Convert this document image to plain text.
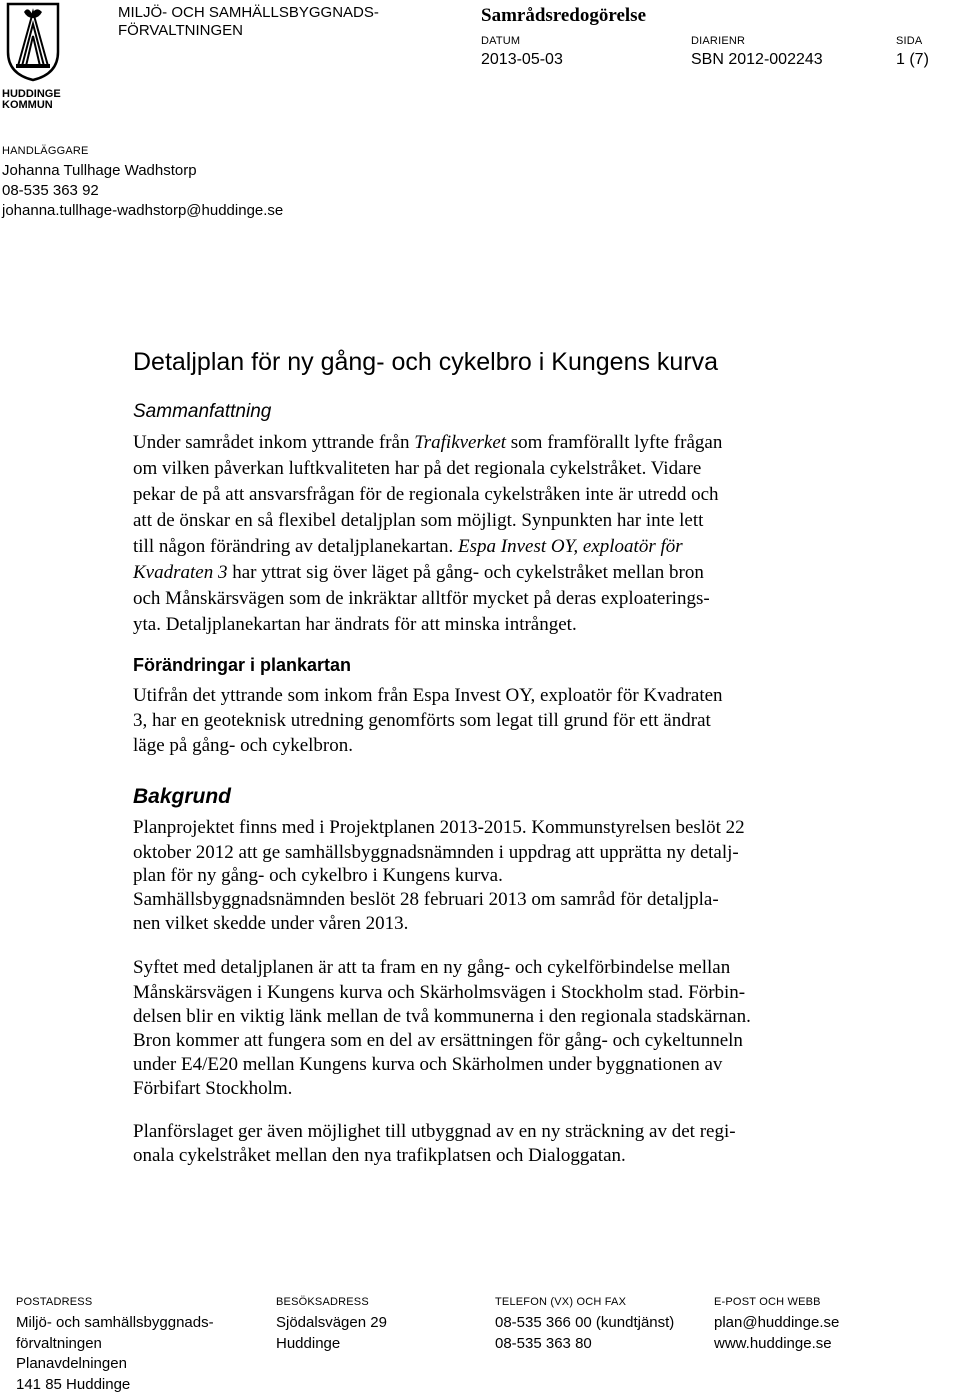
HUDDINGE
KOMMUN
MILJÖ- OCH SAMHÄLLSBYGGNADS-
FÖRVALTNINGEN
Samrådsredogörelse
DATUM	DIARIENR	SIDA
2013-05-03	SBN 2012-002243	1 (7)
HANDLÄGGARE
Johanna Tullhage Wadhstorp
08-535 363 92
johanna.tullhage-wadhstorp@huddinge.se
Detaljplan för ny gång- och cykelbro i Kungens kurva
Sammanfattning
Under samrådet inkom yttrande från Trafikverket som framförallt lyfte frågan
om vilken påverkan luftkvaliteten har på det regionala cykelstråket. Vidare
pekar de på att ansvarsfrågan för de regionala cykelstråken inte är utredd och
att de önskar en så flexibel detaljplan som möjligt. Synpunkten har inte lett
till någon förändring av detaljplanekartan. Espa Invest OY, exploatör för
Kvadraten 3 har yttrat sig över läget på gång- och cykelstråket mellan bron
och Månskärsvägen som de inkräktar alltför mycket på deras exploaterings-
yta. Detaljplanekartan har ändrats för att minska intrånget.
Förändringar i plankartan
Utifrån det yttrande som inkom från Espa Invest OY, exploatör för Kvadraten
3, har en geoteknisk utredning genomförts som legat till grund för ett ändrat
läge på gång- och cykelbron.
Bakgrund
Planprojektet finns med i Projektplanen 2013-2015. Kommunstyrelsen beslöt 22
oktober 2012 att ge samhällsbyggnadsnämnden i uppdrag att upprätta ny detalj-
plan för ny gång- och cykelbro i Kungens kurva.
Samhällsbyggnadsnämnden beslöt 28 februari 2013 om samråd för detaljpla-
nen vilket skedde under våren 2013.
Syftet med detaljplanen är att ta fram en ny gång- och cykelförbindelse mellan
Månskärsvägen i Kungens kurva och Skärholmsvägen i Stockholm stad. Förbin-
delsen blir en viktig länk mellan de två kommunerna i den regionala stadskärnan.
Bron kommer att fungera som en del av ersättningen för gång- och cykeltunneln
under E4/E20 mellan Kungens kurva och Skärholmen under byggnationen av
Förbifart Stockholm.
Planförslaget ger även möjlighet till utbyggnad av en ny sträckning av det regi-
onala cykelstråket mellan den nya trafikplatsen och Dialoggatan.
POSTADRESS
Miljö- och samhällsbyggnads-
förvaltningen
Planavdelningen
141 85 Huddinge
BESÖKSADRESS
Sjödalsvägen 29
Huddinge
TELEFON (VX) OCH FAX
08-535 366 00 (kundtjänst)
08-535 363 80
E-POST OCH WEBB
plan@huddinge.se
www.huddinge.se
